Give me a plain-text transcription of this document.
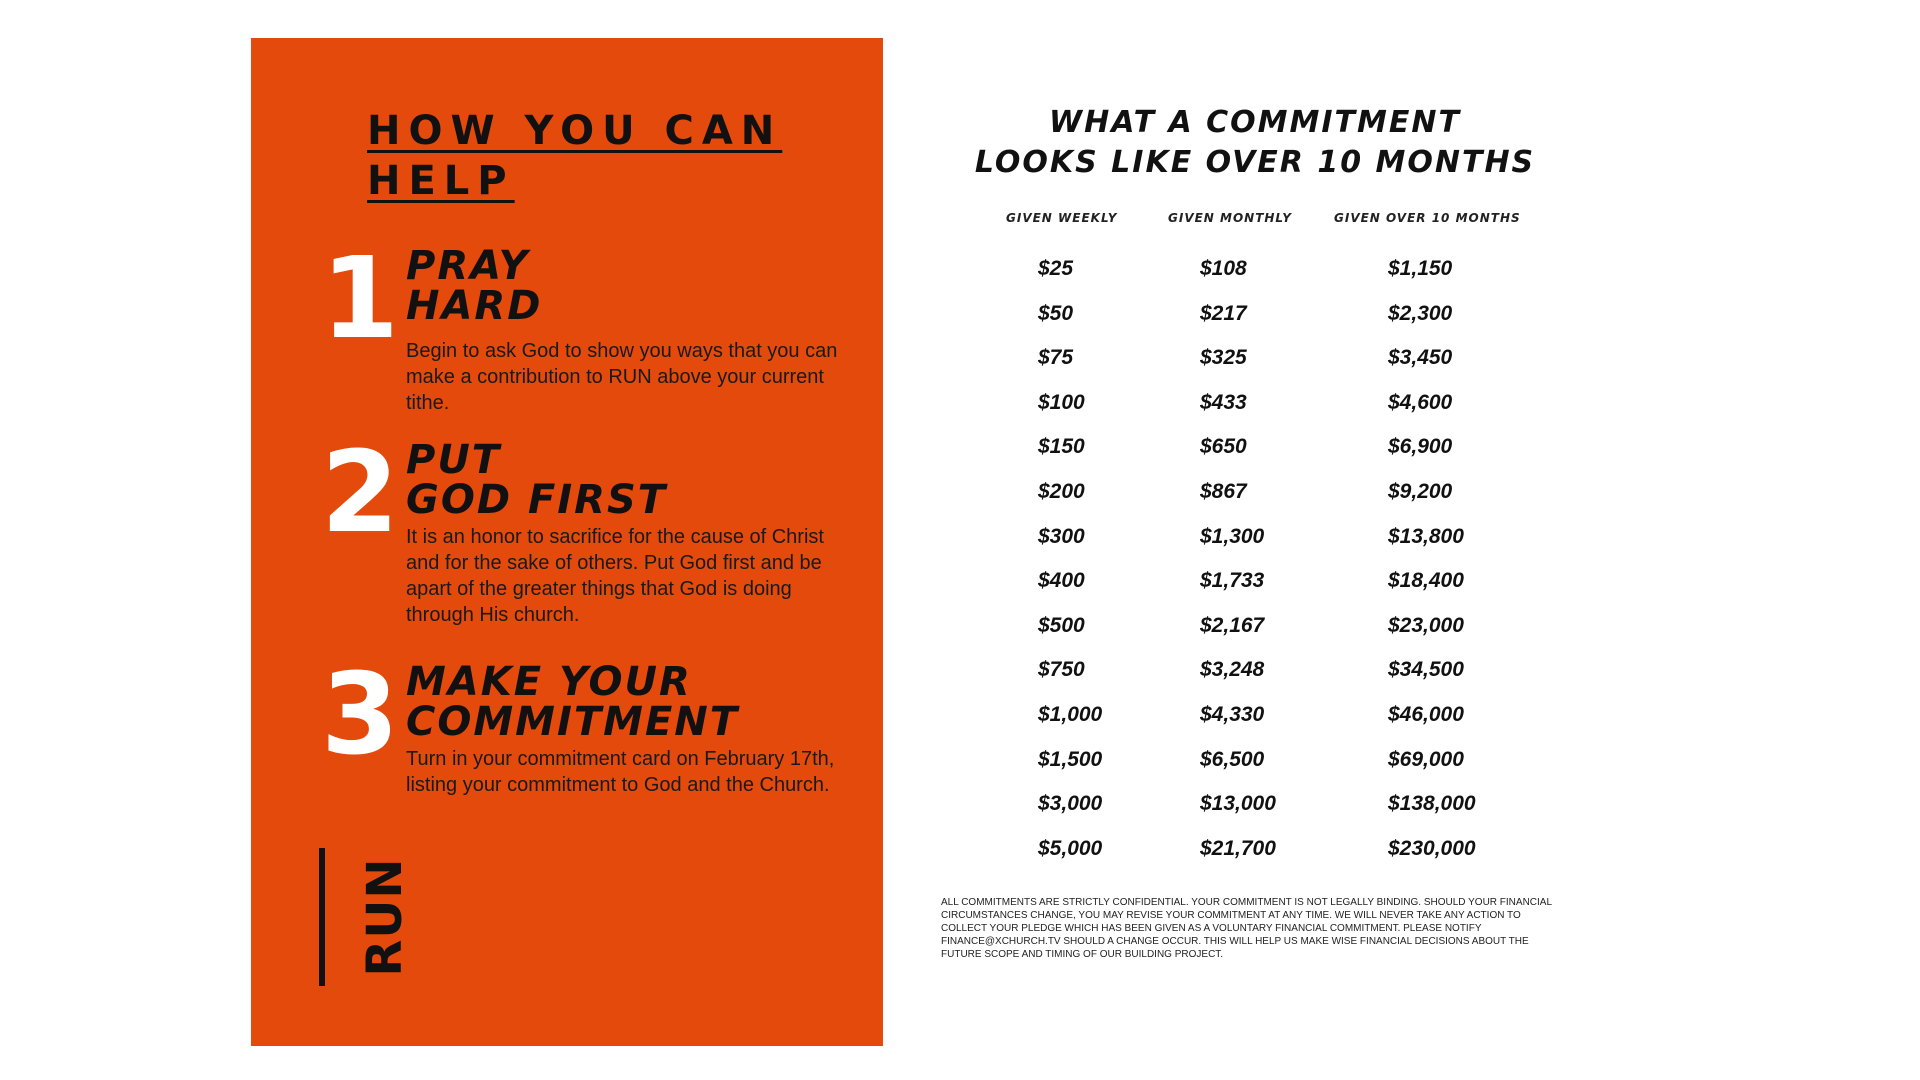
HOW YOU CAN HELP
1 PRAY
HARD
Begin to ask God to show you ways that you can make a contribution to RUN above your current tithe.
2 PUT
GOD FIRST
It is an honor to sacrifice for the cause of Christ and for the sake of others. Put God first and be apart of the greater things that God is doing through His church.
3 MAKE YOUR
COMMITMENT
Turn in your commitment card on February 17th, listing your commitment to God and the Church.
RUN
WHAT A COMMITMENT
LOOKS LIKE OVER 10 MONTHS
GIVEN WEEKLY	GIVEN MONTHLY	GIVEN OVER 10 MONTHS
$25	$108	$1,150
$50	$217	$2,300
$75	$325	$3,450
$100	$433	$4,600
$150	$650	$6,900
$200	$867	$9,200
$300	$1,300	$13,800
$400	$1,733	$18,400
$500	$2,167	$23,000
$750	$3,248	$34,500
$1,000	$4,330	$46,000
$1,500	$6,500	$69,000
$3,000	$13,000	$138,000
$5,000	$21,700	$230,000
ALL COMMITMENTS ARE STRICTLY CONFIDENTIAL. YOUR COMMITMENT IS NOT LEGALLY BINDING. SHOULD YOUR FINANCIAL CIRCUMSTANCES CHANGE, YOU MAY REVISE YOUR COMMITMENT AT ANY TIME. WE WILL NEVER TAKE ANY ACTION TO COLLECT YOUR PLEDGE WHICH HAS BEEN GIVEN AS A VOLUNTARY FINANCIAL COMMITMENT. PLEASE NOTIFY FINANCE@XCHURCH.TV SHOULD A CHANGE OCCUR. THIS WILL HELP US MAKE WISE FINANCIAL DECISIONS ABOUT THE FUTURE SCOPE AND TIMING OF OUR BUILDING PROJECT.
